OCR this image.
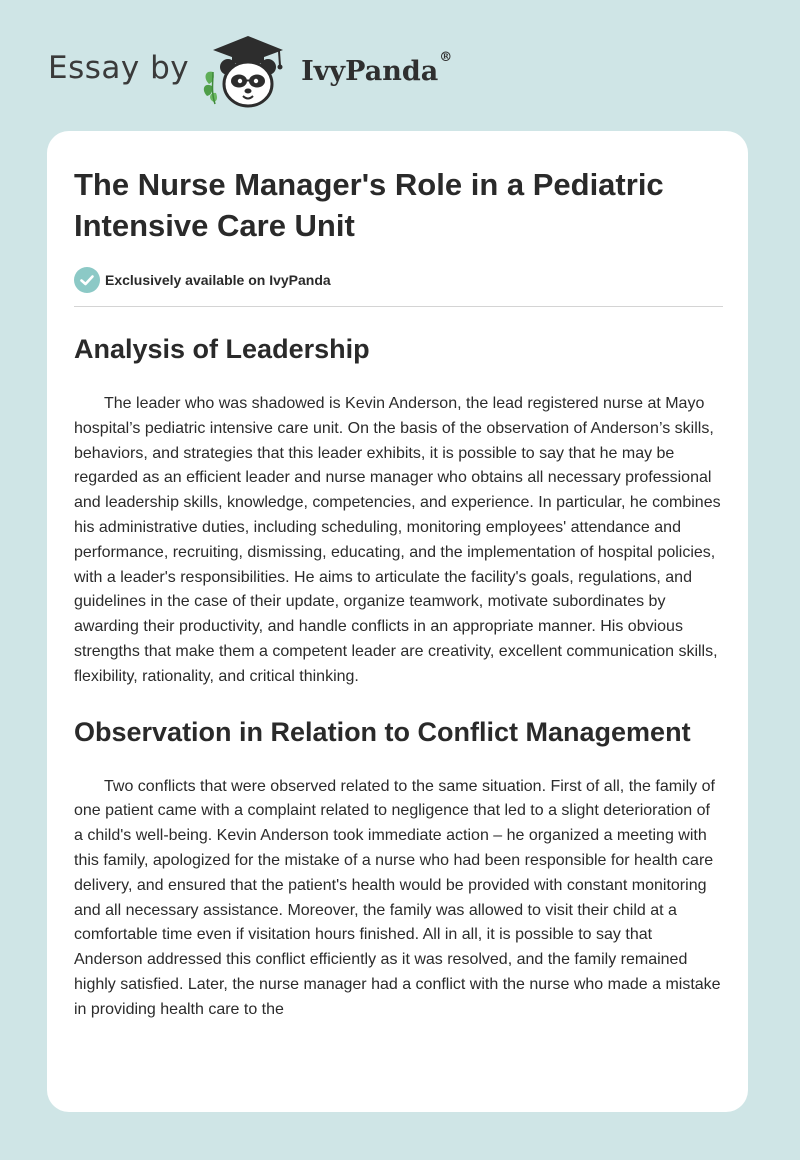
Essay by	IvyPanda®
The Nurse Manager's Role in a Pediatric Intensive Care Unit
Exclusively available on IvyPanda
Analysis of Leadership

The leader who was shadowed is Kevin Anderson, the lead registered nurse at Mayo hospital’s pediatric intensive care unit. On the basis of the observation of Anderson’s skills, behaviors, and strategies that this leader exhibits, it is possible to say that he may be regarded as an efficient leader and nurse manager who obtains all necessary professional and leadership skills, knowledge, competencies, and experience. In particular, he combines his administrative duties, including scheduling, monitoring employees' attendance and performance, recruiting, dismissing, educating, and the implementation of hospital policies, with a leader's responsibilities. He aims to articulate the facility's goals, regulations, and guidelines in the case of their update, organize teamwork, motivate subordinates by awarding their productivity, and handle conflicts in an appropriate manner. His obvious strengths that make them a competent leader are creativity, excellent communication skills, flexibility, rationality, and critical thinking.

Observation in Relation to Conflict Management

Two conflicts that were observed related to the same situation. First of all, the family of one patient came with a complaint related to negligence that led to a slight deterioration of a child's well-being. Kevin Anderson took immediate action – he organized a meeting with this family, apologized for the mistake of a nurse who had been responsible for health care delivery, and ensured that the patient's health would be provided with constant monitoring and all necessary assistance. Moreover, the family was allowed to visit their child at a comfortable time even if visitation hours finished. All in all, it is possible to say that Anderson addressed this conflict efficiently as it was resolved, and the family remained highly satisfied. Later, the nurse manager had a conflict with the nurse who made a mistake in providing health care to the
